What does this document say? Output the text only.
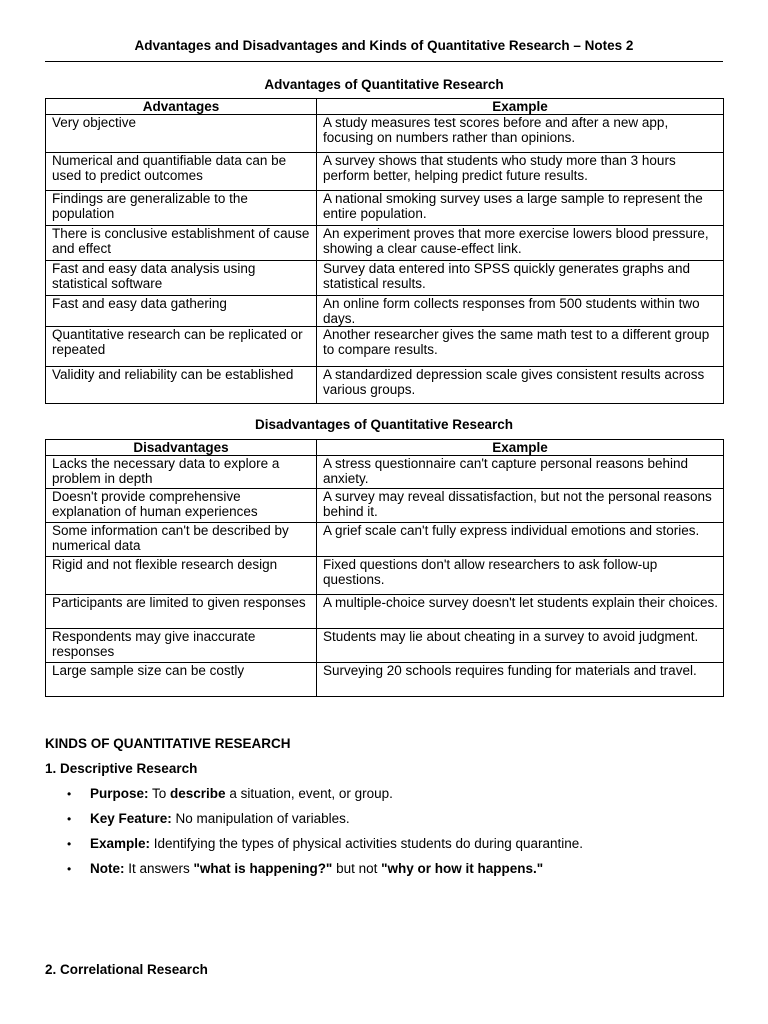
Advantages and Disadvantages and Kinds of Quantitative Research – Notes 2
Advantages of Quantitative Research
Advantages	Example
Very objective	A study measures test scores before and after a new app, focusing on numbers rather than opinions.
Numerical and quantifiable data can be used to predict outcomes	A survey shows that students who study more than 3 hours perform better, helping predict future results.
Findings are generalizable to the population	A national smoking survey uses a large sample to represent the entire population.
There is conclusive establishment of cause and effect	An experiment proves that more exercise lowers blood pressure, showing a clear cause-effect link.
Fast and easy data analysis using statistical software	Survey data entered into SPSS quickly generates graphs and statistical results.
Fast and easy data gathering	An online form collects responses from 500 students within two days.
Quantitative research can be replicated or repeated	Another researcher gives the same math test to a different group to compare results.
Validity and reliability can be established	A standardized depression scale gives consistent results across various groups.
Disadvantages of Quantitative Research
Disadvantages	Example
Lacks the necessary data to explore a problem in depth	A stress questionnaire can't capture personal reasons behind anxiety.
Doesn't provide comprehensive explanation of human experiences	A survey may reveal dissatisfaction, but not the personal reasons behind it.
Some information can't be described by numerical data	A grief scale can't fully express individual emotions and stories.
Rigid and not flexible research design	Fixed questions don't allow researchers to ask follow-up questions.
Participants are limited to given responses	A multiple-choice survey doesn't let students explain their choices.
Respondents may give inaccurate responses	Students may lie about cheating in a survey to avoid judgment.
Large sample size can be costly	Surveying 20 schools requires funding for materials and travel.
KINDS OF QUANTITATIVE RESEARCH
1. Descriptive Research
• Purpose: To describe a situation, event, or group.
• Key Feature: No manipulation of variables.
• Example: Identifying the types of physical activities students do during quarantine.
• Note: It answers "what is happening?" but not "why or how it happens."
2. Correlational Research
